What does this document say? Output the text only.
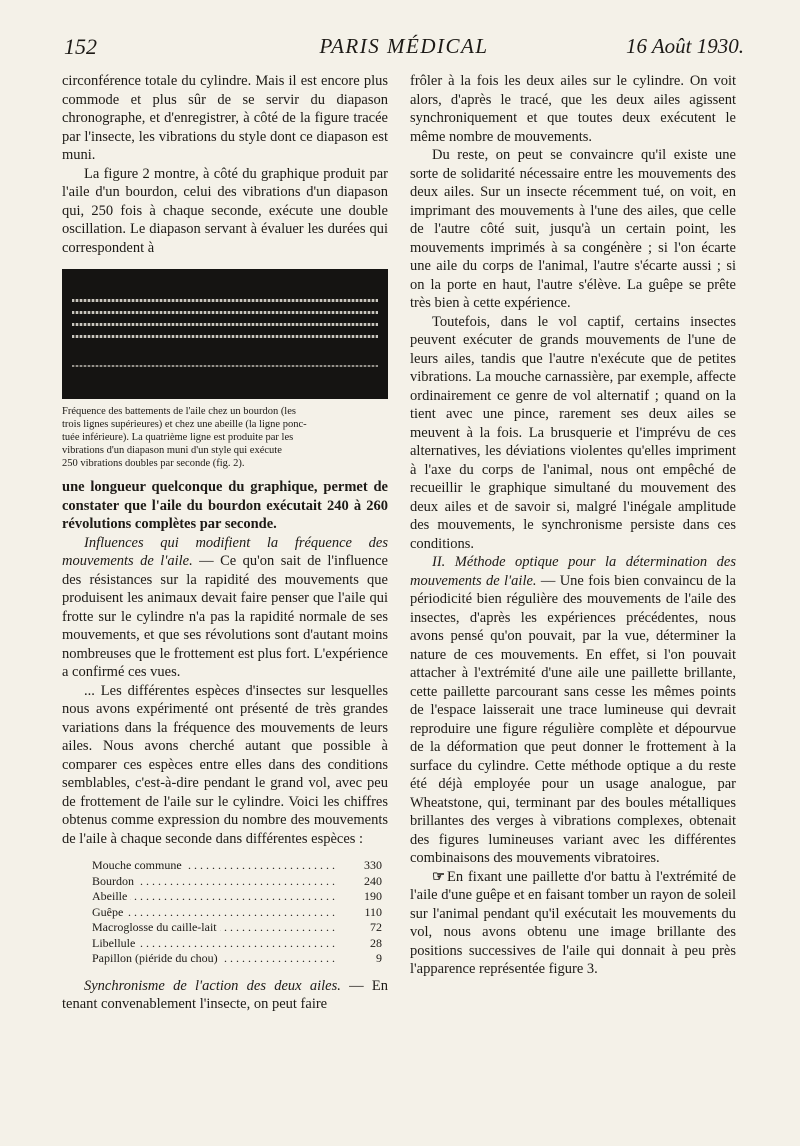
152	PARIS MÉDICAL	16 Août 1930.

circonférence totale du cylindre. Mais il est encore plus commode et plus sûr de se servir du diapason chronographe, et d'enregistrer, à côté de la figure tracée par l'insecte, les vibrations du style dont ce diapason est muni.

La figure 2 montre, à côté du graphique produit par l'aile d'un bourdon, celui des vibrations d'un diapason qui, 250 fois à chaque seconde, exécute une double oscillation. Le diapason servant à évaluer les durées qui correspondent à

Fréquence des battements de l'aile chez un bourdon (les
trois lignes supérieures) et chez une abeille (la ligne ponc-
tuée inférieure). La quatrième ligne est produite par les
vibrations d'un diapason muni d'un style qui exécute
250 vibrations doubles par seconde (fig. 2).

une longueur quelconque du graphique, permet de constater que l'aile du bourdon exécutait 240 à 260 révolutions complètes par seconde.

Influences qui modifient la fréquence des mouvements de l'aile. — Ce qu'on sait de l'influence des résistances sur la rapidité des mouvements que produisent les animaux devait faire penser que l'aile qui frotte sur le cylindre n'a pas la rapidité normale de ses mouvements, et que ses révolutions sont d'autant moins nombreuses que le frottement est plus fort. L'expérience a confirmé ces vues.

... Les différentes espèces d'insectes sur lesquelles nous avons expérimenté ont présenté de très grandes variations dans la fréquence des mouvements de leurs ailes. Nous avons cherché autant que possible à comparer ces espèces entre elles dans des conditions semblables, c'est-à-dire pendant le grand vol, avec peu de frottement de l'aile sur le cylindre. Voici les chiffres obtenus comme expression du nombre des mouvements de l'aile à chaque seconde dans différentes espèces :

Mouche commune . . .	330
Bourdon . . .	240
Abeille . . .	190
Guêpe . . .	110
Macroglosse du caille-lait . . .	72
Libellule . . .	28
Papillon (piéride du chou) . . .	9

Synchronisme de l'action des deux ailes. — En tenant convenablement l'insecte, on peut faire

frôler à la fois les deux ailes sur le cylindre. On voit alors, d'après le tracé, que les deux ailes agissent synchroniquement et que toutes deux exécutent le même nombre de mouvements.

Du reste, on peut se convaincre qu'il existe une sorte de solidarité nécessaire entre les mouvements des deux ailes. Sur un insecte récemment tué, on voit, en imprimant des mouvements à l'une des ailes, que celle de l'autre côté suit, jusqu'à un certain point, les mouvements imprimés à sa congénère ; si l'on écarte une aile du corps de l'animal, l'autre s'écarte aussi ; si on la porte en haut, l'autre s'élève. La guêpe se prête très bien à cette expérience.

Toutefois, dans le vol captif, certains insectes peuvent exécuter de grands mouvements de l'une de leurs ailes, tandis que l'autre n'exécute que de petites vibrations. La mouche carnassière, par exemple, affecte ordinairement ce genre de vol alternatif ; quand on la tient avec une pince, rarement ses deux ailes se meuvent à la fois. La brusquerie et l'imprévu de ces alternatives, les déviations violentes qu'elles impriment à l'axe du corps de l'animal, nous ont empêché de recueillir le graphique simultané du mouvement des deux ailes et de savoir si, malgré l'inégale amplitude des mouvements, le synchronisme persiste dans ces conditions.

II. Méthode optique pour la détermination des mouvements de l'aile. — Une fois bien convaincu de la périodicité bien régulière des mouvements de l'aile des insectes, d'après les expériences précédentes, nous avons pensé qu'on pouvait, par la vue, déterminer la nature de ces mouvements. En effet, si l'on pouvait attacher à l'extrémité d'une aile une paillette brillante, cette paillette parcourant sans cesse les mêmes points de l'espace laisserait une trace lumineuse qui devrait reproduire une figure régulière complète et dépourvue de la déformation que peut donner le frottement à la surface du cylindre. Cette méthode optique a du reste été déjà employée pour un usage analogue, par Wheatstone, qui, terminant par des boules métalliques brillantes des verges à vibrations complexes, obtenait des figures lumineuses variant avec les différentes combinaisons des mouvements vibratoires.

☞ En fixant une paillette d'or battu à l'extrémité de l'aile d'une guêpe et en faisant tomber un rayon de soleil sur l'animal pendant qu'il exécutait les mouvements du vol, nous avons obtenu une image brillante des positions successives de l'aile qui donnait à peu près l'apparence représentée figure 3.
